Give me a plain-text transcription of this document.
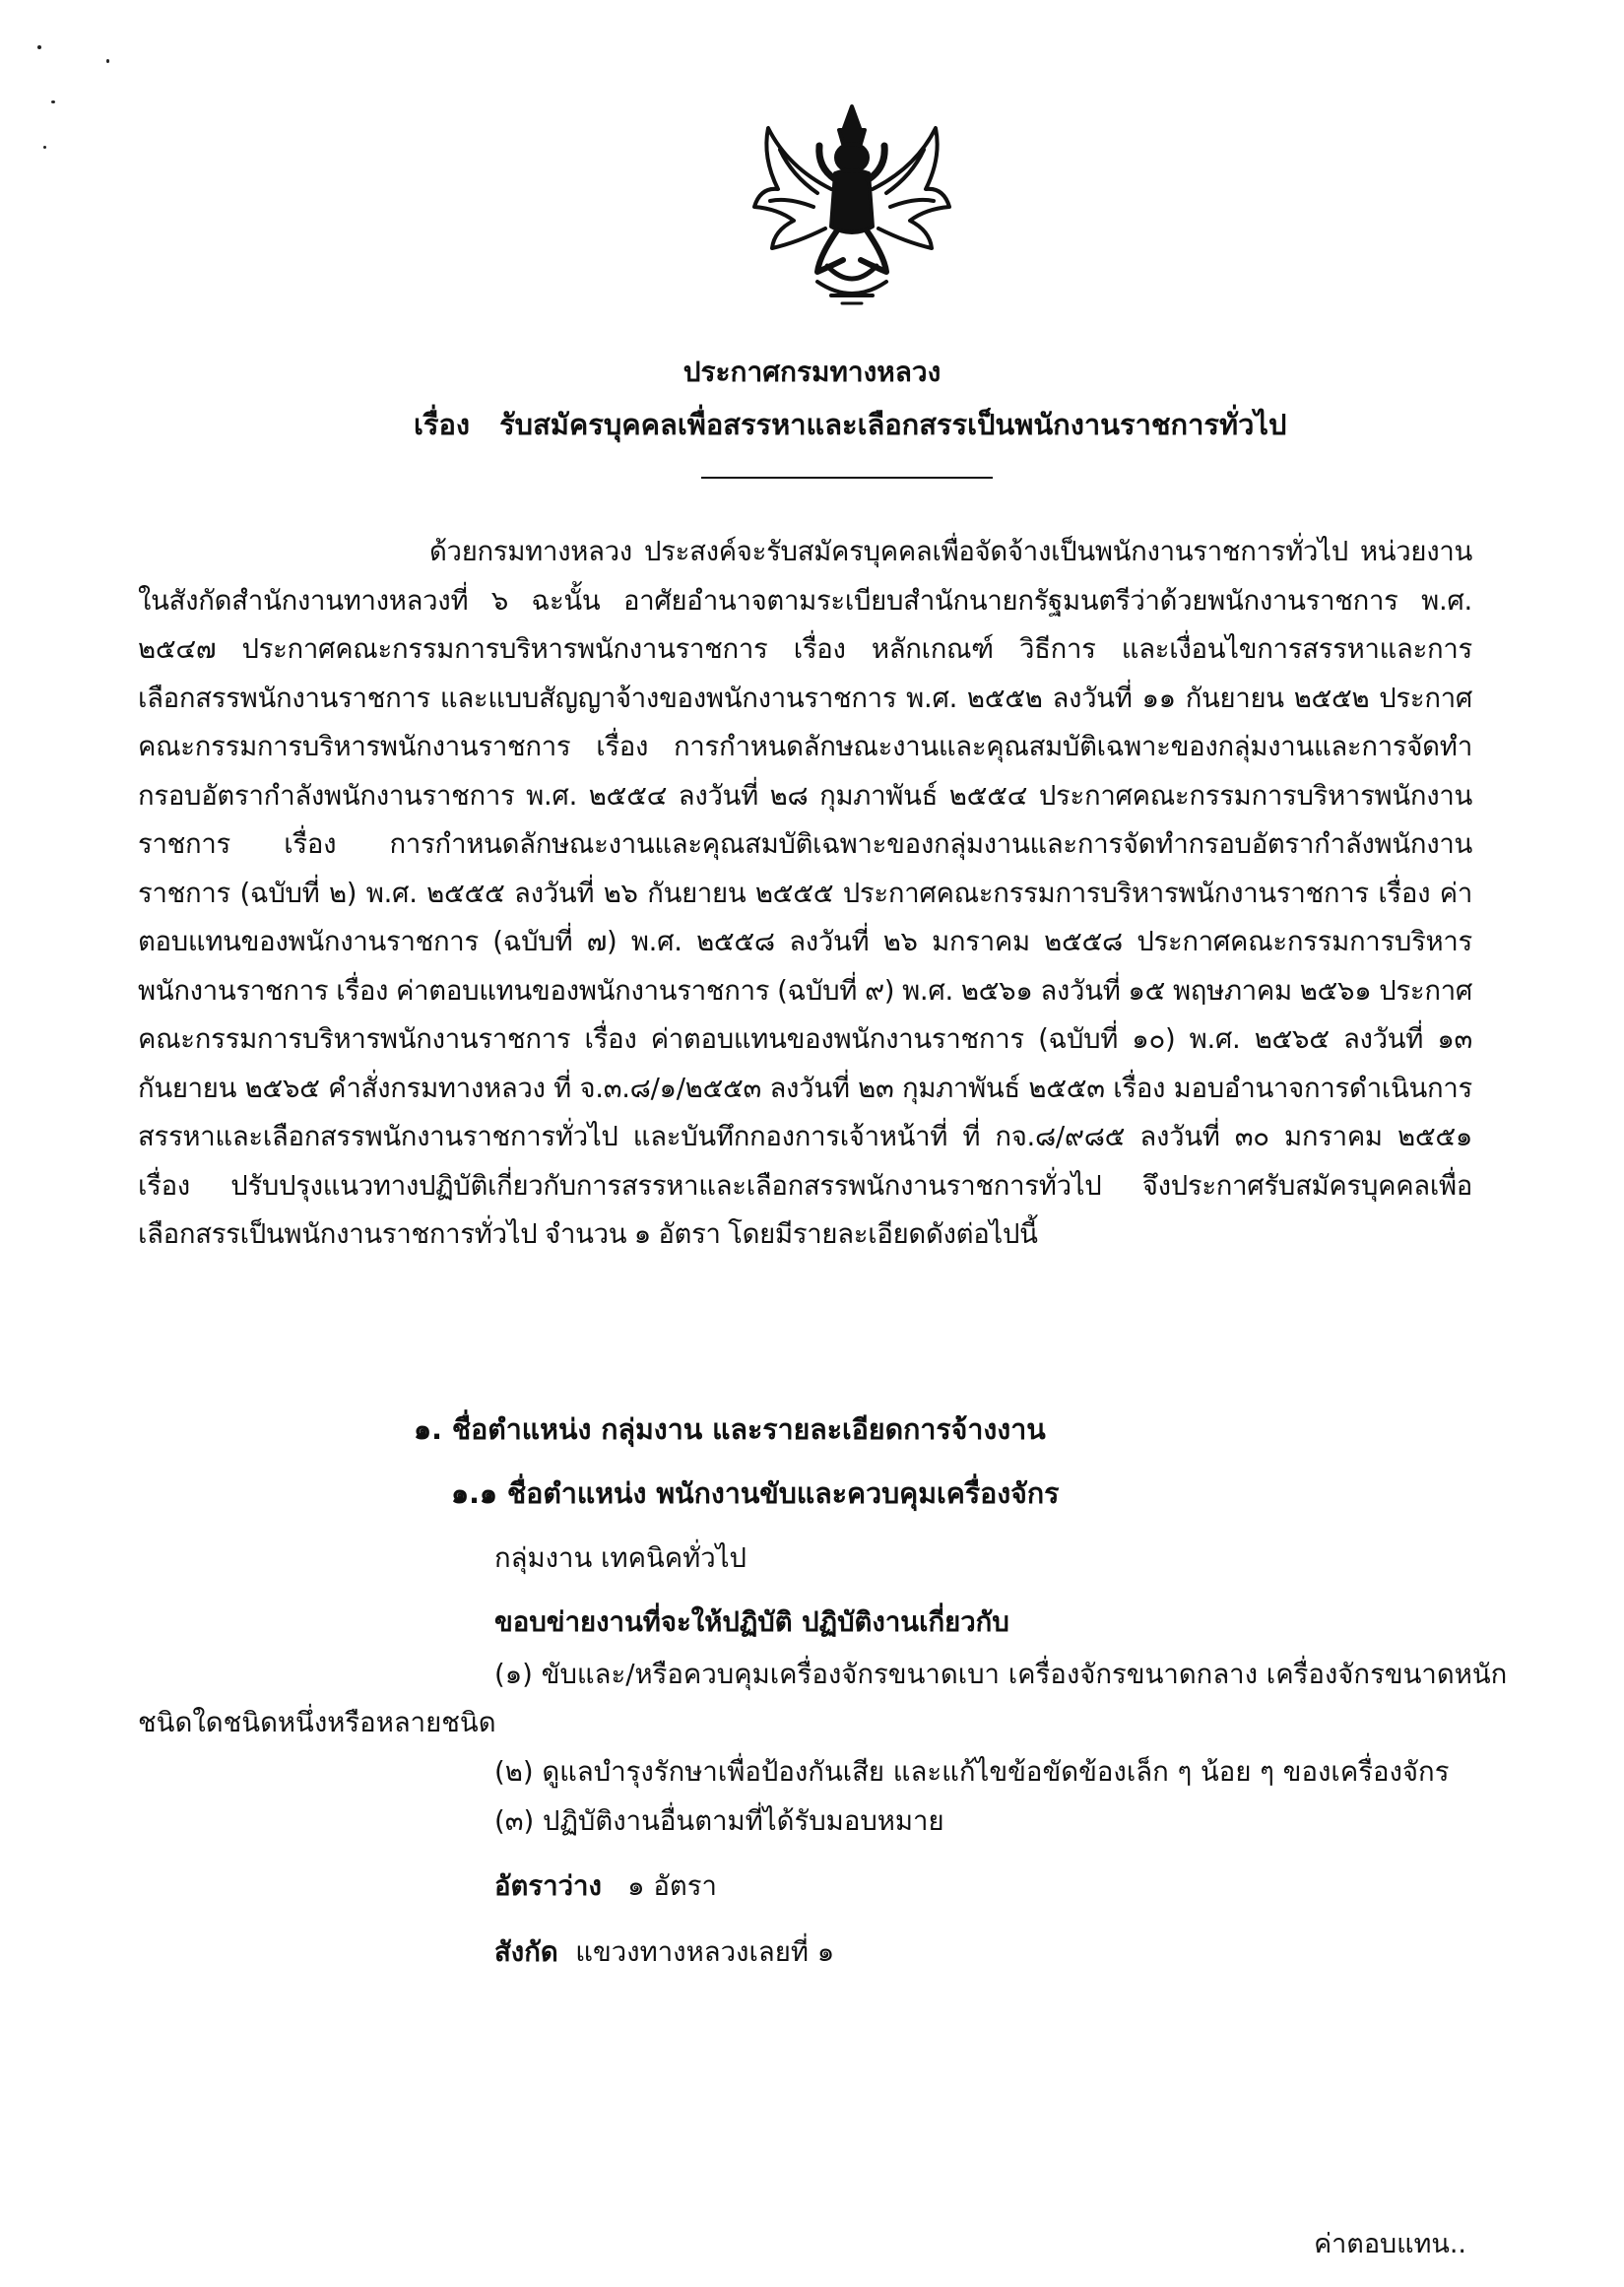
ประกาศกรมทางหลวง
เรื่อง รับสมัครบุคคลเพื่อสรรหาและเลือกสรรเป็นพนักงานราชการทั่วไป
ด้วยกรมทางหลวง ประสงค์จะรับสมัครบุคคลเพื่อจัดจ้างเป็นพนักงานราชการทั่วไป หน่วยงานในสังกัดสำนักงานทางหลวงที่ ๖ ฉะนั้น อาศัยอำนาจตามระเบียบสำนักนายกรัฐมนตรีว่าด้วยพนักงานราชการ พ.ศ. ๒๕๔๗ ประกาศคณะกรรมการบริหารพนักงานราชการ เรื่อง หลักเกณฑ์ วิธีการ และเงื่อนไขการสรรหาและการเลือกสรรพนักงานราชการ และแบบสัญญาจ้างของพนักงานราชการ พ.ศ. ๒๕๕๒ ลงวันที่ ๑๑ กันยายน ๒๕๕๒ ประกาศคณะกรรมการบริหารพนักงานราชการ เรื่อง การกำหนดลักษณะงานและคุณสมบัติเฉพาะของกลุ่มงานและการจัดทำกรอบอัตรากำลังพนักงานราชการ พ.ศ. ๒๕๕๔ ลงวันที่ ๒๘ กุมภาพันธ์ ๒๕๕๔ ประกาศคณะกรรมการบริหารพนักงานราชการ เรื่อง การกำหนดลักษณะงานและคุณสมบัติเฉพาะของกลุ่มงานและการจัดทำกรอบอัตรากำลังพนักงานราชการ (ฉบับที่ ๒) พ.ศ. ๒๕๕๕ ลงวันที่ ๒๖ กันยายน ๒๕๕๕ ประกาศคณะกรรมการบริหารพนักงานราชการ เรื่อง ค่าตอบแทนของพนักงานราชการ (ฉบับที่ ๗) พ.ศ. ๒๕๕๘ ลงวันที่ ๒๖ มกราคม ๒๕๕๘ ประกาศคณะกรรมการบริหารพนักงานราชการ เรื่อง ค่าตอบแทนของพนักงานราชการ (ฉบับที่ ๙) พ.ศ. ๒๕๖๑ ลงวันที่ ๑๕ พฤษภาคม ๒๕๖๑ ประกาศคณะกรรมการบริหารพนักงานราชการ เรื่อง ค่าตอบแทนของพนักงานราชการ (ฉบับที่ ๑๐) พ.ศ. ๒๕๖๕ ลงวันที่ ๑๓ กันยายน ๒๕๖๕ คำสั่งกรมทางหลวง ที่ จ.๓.๘/๑/๒๕๕๓ ลงวันที่ ๒๓ กุมภาพันธ์ ๒๕๕๓ เรื่อง มอบอำนาจการดำเนินการสรรหาและเลือกสรรพนักงานราชการทั่วไป และบันทึกกองการเจ้าหน้าที่ ที่ กจ.๘/๙๘๕ ลงวันที่ ๓๐ มกราคม ๒๕๕๑ เรื่อง ปรับปรุงแนวทางปฏิบัติเกี่ยวกับการสรรหาและเลือกสรรพนักงานราชการทั่วไป จึงประกาศรับสมัครบุคคลเพื่อเลือกสรรเป็นพนักงานราชการทั่วไป จำนวน ๑ อัตรา โดยมีรายละเอียดดังต่อไปนี้
๑. ชื่อตำแหน่ง กลุ่มงาน และรายละเอียดการจ้างงาน
๑.๑ ชื่อตำแหน่ง พนักงานขับและควบคุมเครื่องจักร
กลุ่มงาน เทคนิคทั่วไป
ขอบข่ายงานที่จะให้ปฏิบัติ ปฏิบัติงานเกี่ยวกับ
(๑) ขับและ/หรือควบคุมเครื่องจักรขนาดเบา เครื่องจักรขนาดกลาง เครื่องจักรขนาดหนัก
ชนิดใดชนิดหนึ่งหรือหลายชนิด
(๒) ดูแลบำรุงรักษาเพื่อป้องกันเสีย และแก้ไขข้อขัดข้องเล็ก ๆ น้อย ๆ ของเครื่องจักร
(๓) ปฏิบัติงานอื่นตามที่ได้รับมอบหมาย
อัตราว่าง ๑ อัตรา
สังกัด แขวงทางหลวงเลยที่ ๑
ค่าตอบแทน..
